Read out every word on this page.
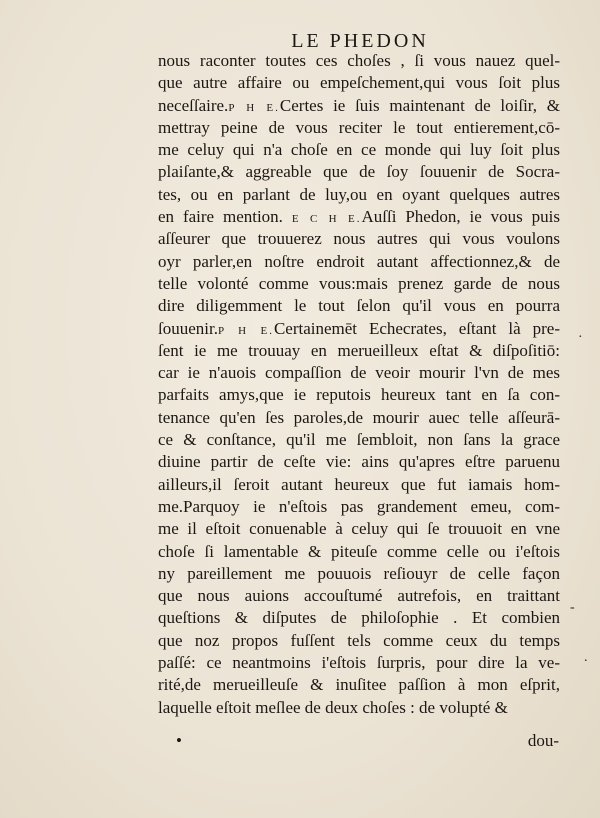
LE PHEDON
nous raconter toutes ces choſes , ſi vous nauez quel-
que autre affaire ou empeſchement,qui vous ſoit plus
neceſſaire.P H E.Certes ie ſuis maintenant de loiſir, &
mettray peine de vous reciter le tout entierement,cō-
me celuy qui n'a choſe en ce monde qui luy ſoit plus
plaiſante,& aggreable que de ſoy ſouuenir de Socra-
tes, ou en parlant de luy,ou en oyant quelques autres
en faire mention. E C H E.Auſſi Phedon, ie vous puis
aſſeurer que trouuerez nous autres qui vous voulons
oyr parler,en noſtre endroit autant affectionnez,& de
telle volonté comme vous:mais prenez garde de nous
dire diligemment le tout ſelon qu'il vous en pourra
ſouuenir.P H E.Certainemēt Echecrates, eſtant là pre-
ſent ie me trouuay en merueilleux eſtat & diſpoſitiō:
car ie n'auois compaſſion de veoir mourir l'vn de mes
parfaits amys,que ie reputois heureux tant en ſa con-
tenance qu'en ſes paroles,de mourir auec telle aſſeurā-
ce & conſtance, qu'il me ſembloit, non ſans la grace
diuine partir de ceſte vie: ains qu'apres eſtre paruenu
ailleurs,il ſeroit autant heureux que fut iamais hom-
me.Parquoy ie n'eſtois pas grandement emeu, com-
me il eſtoit conuenable à celuy qui ſe trouuoit en vne
choſe ſi lamentable & piteuſe comme celle ou i'eſtois
ny pareillement me pouuois reſiouyr de celle façon
que nous auions accouſtumé autrefois, en traittant
queſtions & diſputes de philoſophie . Et combien
que noz propos fuſſent tels comme ceux du temps
paſſé: ce neantmoins i'eſtois ſurpris, pour dire la ve-
rité,de merueilleuſe & inuſitee paſſion à mon eſprit,
laquelle eſtoit meſlee de deux choſes : de volupté &
•	dou-
·
-
.
